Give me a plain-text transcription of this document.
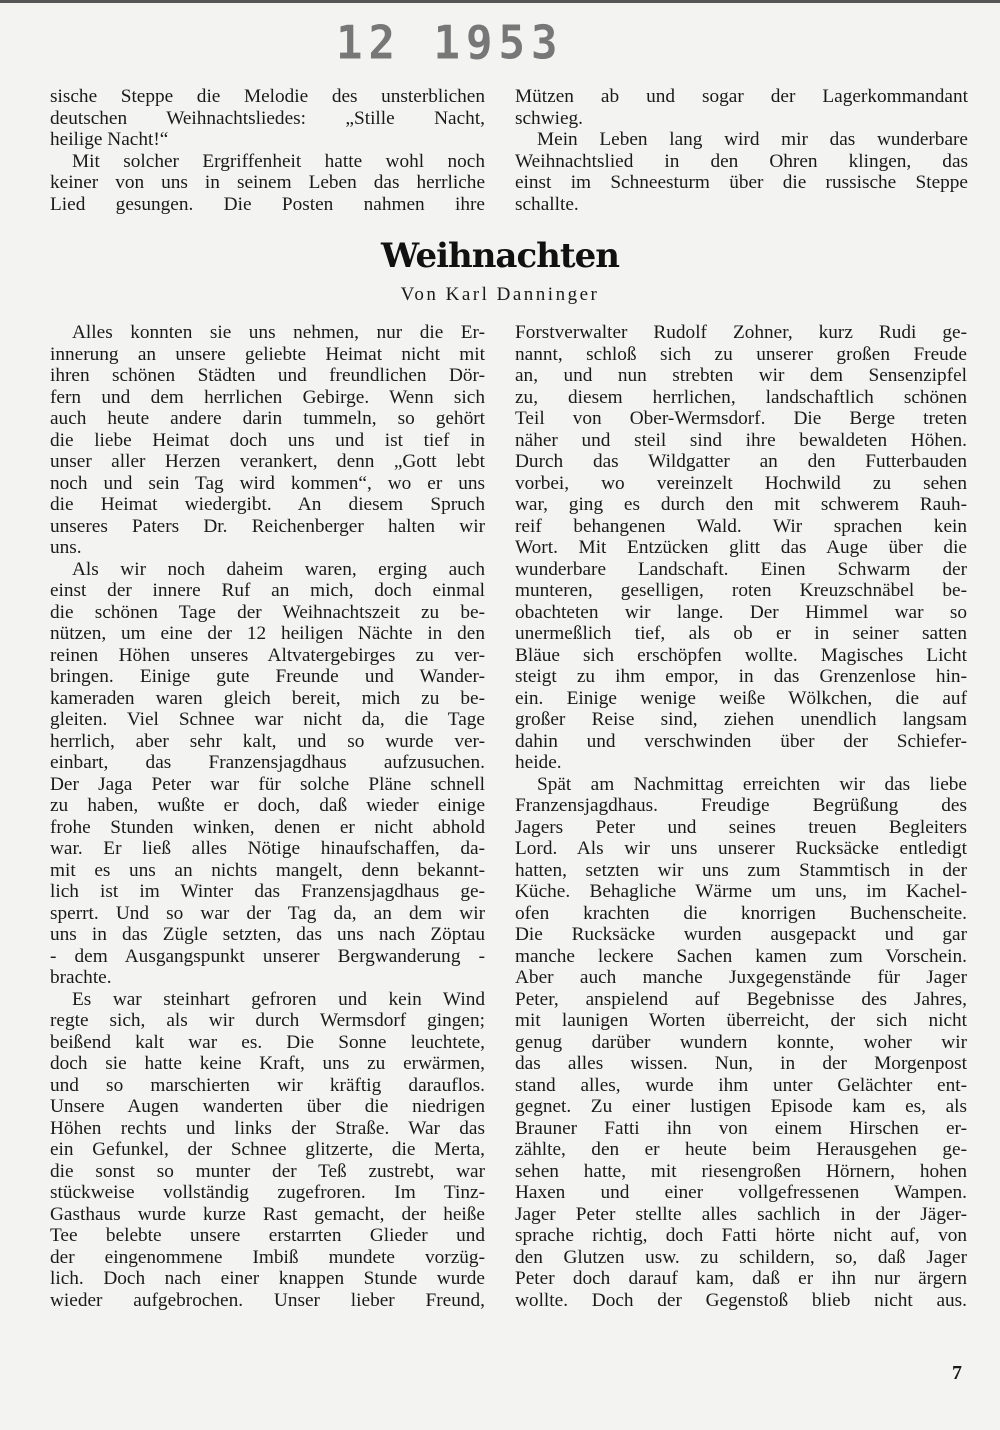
12 1953
sische Steppe die Melodie des unsterblichen
deutschen Weihnachtsliedes: „Stille Nacht,
heilige Nacht!“
Mit solcher Ergriffenheit hatte wohl noch
keiner von uns in seinem Leben das herrliche
Lied gesungen. Die Posten nahmen ihre
Mützen ab und sogar der Lagerkommandant
schwieg.
Mein Leben lang wird mir das wunderbare
Weihnachtslied in den Ohren klingen, das
einst im Schneesturm über die russische Steppe
schallte.
Weihnachten
Von Karl Danninger
Alles konnten sie uns nehmen, nur die Er-
innerung an unsere geliebte Heimat nicht mit
ihren schönen Städten und freundlichen Dör-
fern und dem herrlichen Gebirge. Wenn sich
auch heute andere darin tummeln, so gehört
die liebe Heimat doch uns und ist tief in
unser aller Herzen verankert, denn „Gott lebt
noch und sein Tag wird kommen“, wo er uns
die Heimat wiedergibt. An diesem Spruch
unseres Paters Dr. Reichenberger halten wir
uns.
Als wir noch daheim waren, erging auch
einst der innere Ruf an mich, doch einmal
die schönen Tage der Weihnachtszeit zu be-
nützen, um eine der 12 heiligen Nächte in den
reinen Höhen unseres Altvatergebirges zu ver-
bringen. Einige gute Freunde und Wander-
kameraden waren gleich bereit, mich zu be-
gleiten. Viel Schnee war nicht da, die Tage
herrlich, aber sehr kalt, und so wurde ver-
einbart, das Franzensjagdhaus aufzusuchen.
Der Jaga Peter war für solche Pläne schnell
zu haben, wußte er doch, daß wieder einige
frohe Stunden winken, denen er nicht abhold
war. Er ließ alles Nötige hinaufschaffen, da-
mit es uns an nichts mangelt, denn bekannt-
lich ist im Winter das Franzensjagdhaus ge-
sperrt. Und so war der Tag da, an dem wir
uns in das Zügle setzten, das uns nach Zöptau
- dem Ausgangspunkt unserer Bergwanderung -
brachte.
Es war steinhart gefroren und kein Wind
regte sich, als wir durch Wermsdorf gingen;
beißend kalt war es. Die Sonne leuchtete,
doch sie hatte keine Kraft, uns zu erwärmen,
und so marschierten wir kräftig darauflos.
Unsere Augen wanderten über die niedrigen
Höhen rechts und links der Straße. War das
ein Gefunkel, der Schnee glitzerte, die Merta,
die sonst so munter der Teß zustrebt, war
stückweise vollständig zugefroren. Im Tinz-
Gasthaus wurde kurze Rast gemacht, der heiße
Tee belebte unsere erstarrten Glieder und
der eingenommene Imbiß mundete vorzüg-
lich. Doch nach einer knappen Stunde wurde
wieder aufgebrochen. Unser lieber Freund,
Forstverwalter Rudolf Zohner, kurz Rudi ge-
nannt, schloß sich zu unserer großen Freude
an, und nun strebten wir dem Sensenzipfel
zu, diesem herrlichen, landschaftlich schönen
Teil von Ober-Wermsdorf. Die Berge treten
näher und steil sind ihre bewaldeten Höhen.
Durch das Wildgatter an den Futterbauden
vorbei, wo vereinzelt Hochwild zu sehen
war, ging es durch den mit schwerem Rauh-
reif behangenen Wald. Wir sprachen kein
Wort. Mit Entzücken glitt das Auge über die
wunderbare Landschaft. Einen Schwarm der
munteren, geselligen, roten Kreuzschnäbel be-
obachteten wir lange. Der Himmel war so
unermeßlich tief, als ob er in seiner satten
Bläue sich erschöpfen wollte. Magisches Licht
steigt zu ihm empor, in das Grenzenlose hin-
ein. Einige wenige weiße Wölkchen, die auf
großer Reise sind, ziehen unendlich langsam
dahin und verschwinden über der Schiefer-
heide.
Spät am Nachmittag erreichten wir das liebe
Franzensjagdhaus. Freudige Begrüßung des
Jagers Peter und seines treuen Begleiters
Lord. Als wir uns unserer Rucksäcke entledigt
hatten, setzten wir uns zum Stammtisch in der
Küche. Behagliche Wärme um uns, im Kachel-
ofen krachten die knorrigen Buchenscheite.
Die Rucksäcke wurden ausgepackt und gar
manche leckere Sachen kamen zum Vorschein.
Aber auch manche Juxgegenstände für Jager
Peter, anspielend auf Begebnisse des Jahres,
mit launigen Worten überreicht, der sich nicht
genug darüber wundern konnte, woher wir
das alles wissen. Nun, in der Morgenpost
stand alles, wurde ihm unter Gelächter ent-
gegnet. Zu einer lustigen Episode kam es, als
Brauner Fatti ihn von einem Hirschen er-
zählte, den er heute beim Herausgehen ge-
sehen hatte, mit riesengroßen Hörnern, hohen
Haxen und einer vollgefressenen Wampen.
Jager Peter stellte alles sachlich in der Jäger-
sprache richtig, doch Fatti hörte nicht auf, von
den Glutzen usw. zu schildern, so, daß Jager
Peter doch darauf kam, daß er ihn nur ärgern
wollte. Doch der Gegenstoß blieb nicht aus.
7
